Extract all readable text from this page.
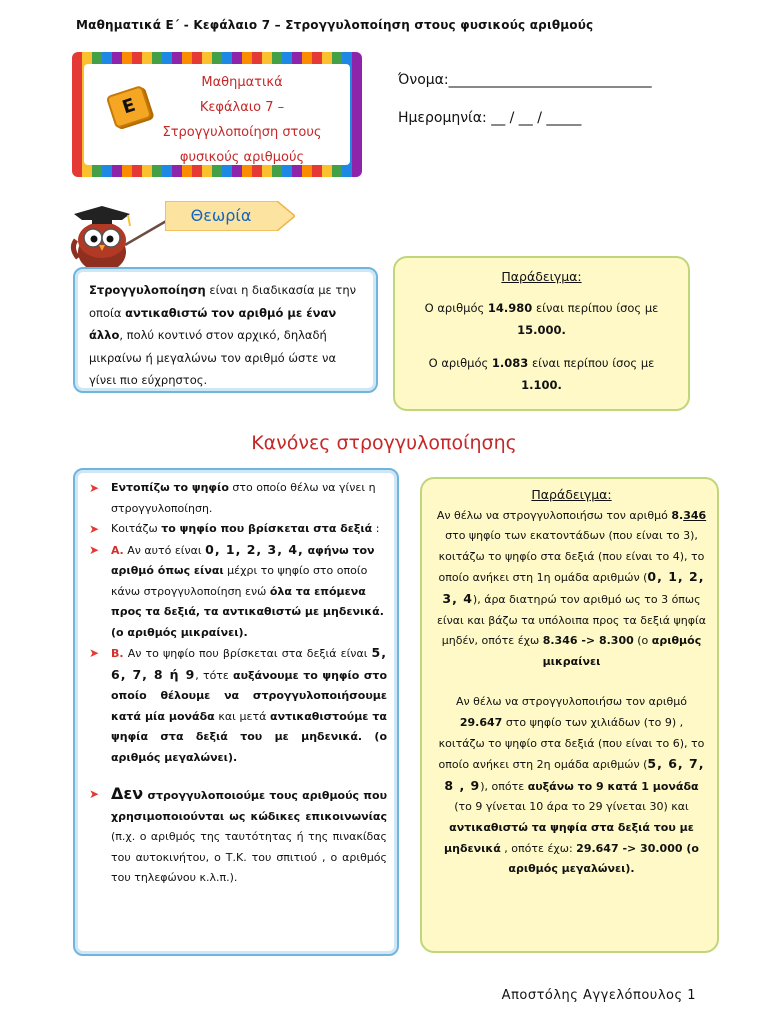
Μαθηματικά Ε΄ - Κεφάλαιο 7 – Στρογγυλοποίηση στους φυσικούς αριθμούς
Ε
Μαθηματικά
Κεφάλαιο 7 –
Στρογγυλοποίηση στους
φυσικούς αριθμούς
Όνομα:_____________________________
Ημερομηνία: __ / __ / _____
Θεωρία
Στρογγυλοποίηση είναι η διαδικασία με την οποία αντικαθιστώ τον αριθμό με έναν άλλο, πολύ κοντινό στον αρχικό, δηλαδή μικραίνω ή μεγαλώνω τον αριθμό ώστε να γίνει πιο εύχρηστος.
Παράδειγμα:
Ο αριθμός 14.980 είναι περίπου ίσος με
15.000.
Ο αριθμός 1.083 είναι περίπου ίσος με
1.100.
Κανόνες στρογγυλοποίησης
➤ Εντοπίζω το ψηφίο στο οποίο θέλω να γίνει η στρογγυλοποίηση.
➤ Κοιτάζω το ψηφίο που βρίσκεται στα δεξιά :
➤ Α. Αν αυτό είναι 0, 1, 2, 3, 4, αφήνω τον αριθμό όπως είναι μέχρι το ψηφίο στο οποίο κάνω στρογγυλοποίηση ενώ όλα τα επόμενα προς τα δεξιά, τα αντικαθιστώ με μηδενικά. (ο αριθμός μικραίνει).
➤ Β. Αν το ψηφίο που βρίσκεται στα δεξιά είναι 5, 6, 7, 8 ή 9, τότε αυξάνουμε το ψηφίο στο οποίο θέλουμε να στρογγυλοποιήσουμε κατά μία μονάδα και μετά αντικαθιστούμε τα ψηφία στα δεξιά του με μηδενικά. (ο αριθμός μεγαλώνει).
➤ Δεν στρογγυλοποιούμε τους αριθμούς που χρησιμοποιούνται ως κώδικες επικοινωνίας (π.χ. ο αριθμός της ταυτότητας ή της πινακίδας του αυτοκινήτου, ο Τ.Κ. του σπιτιού , ο αριθμός του τηλεφώνου κ.λ.π.).
Παράδειγμα:
Αν θέλω να στρογγυλοποιήσω τον αριθμό 8.346 στο ψηφίο των εκατοντάδων (που είναι το 3), κοιτάζω το ψηφίο στα δεξιά (που είναι το 4), το οποίο ανήκει στη 1η ομάδα αριθμών (0, 1, 2, 3, 4), άρα διατηρώ τον αριθμό ως το 3 όπως είναι και βάζω τα υπόλοιπα προς τα δεξιά ψηφία μηδέν, οπότε έχω 8.346 -> 8.300 (ο αριθμός μικραίνει
Αν θέλω να στρογγυλοποιήσω τον αριθμό 29.647 στο ψηφίο των χιλιάδων (το 9) , κοιτάζω το ψηφίο στα δεξιά (που είναι το 6), το οποίο ανήκει στη 2η ομάδα αριθμών (5, 6, 7, 8 , 9), οπότε αυξάνω το 9 κατά 1 μονάδα (το 9 γίνεται 10 άρα το 29 γίνεται 30) και αντικαθιστώ τα ψηφία στα δεξιά του με μηδενικά , οπότε έχω: 29.647 -> 30.000 (ο αριθμός μεγαλώνει).
Αποστόλης Αγγελόπουλος 1
